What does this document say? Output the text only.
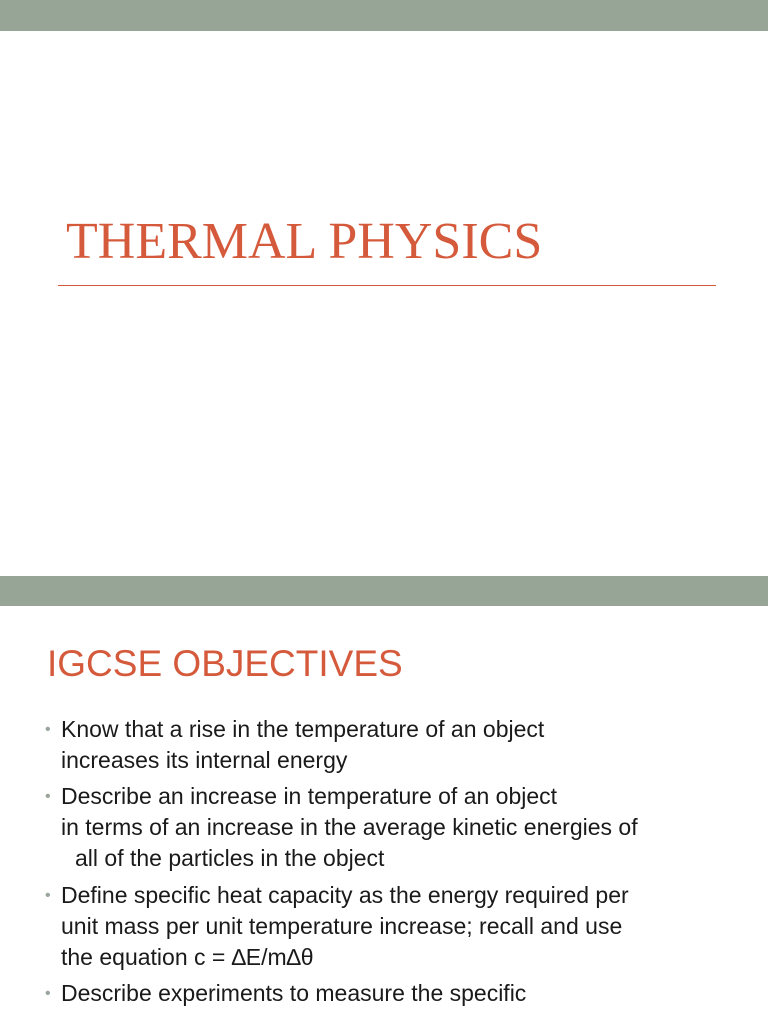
THERMAL PHYSICS
IGCSE OBJECTIVES
• Know that a rise in the temperature of an object
increases its internal energy
• Describe an increase in temperature of an object
in terms of an increase in the average kinetic energies of
all of the particles in the object
• Define specific heat capacity as the energy required per
unit mass per unit temperature increase; recall and use
the equation c = ∆E/m∆θ
• Describe experiments to measure the specific
